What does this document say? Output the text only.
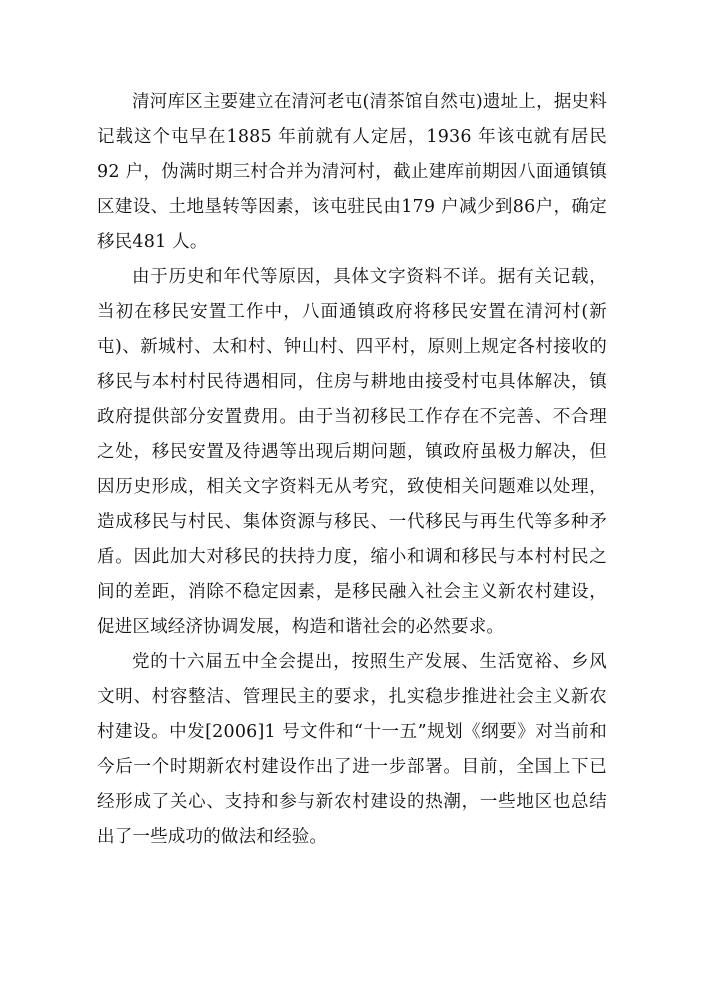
清河库区主要建立在清河老屯(清茶馆自然屯)遗址上，据史料记载这个屯早在1885 年前就有人定居，1936 年该屯就有居民92 户，伪满时期三村合并为清河村，截止建库前期因八面通镇镇区建设、土地垦转等因素，该屯驻民由179 户减少到86户，确定移民481 人。

由于历史和年代等原因，具体文字资料不详。据有关记载，当初在移民安置工作中，八面通镇政府将移民安置在清河村(新屯)、新城村、太和村、钟山村、四平村，原则上规定各村接收的移民与本村村民待遇相同，住房与耕地由接受村屯具体解决，镇政府提供部分安置费用。由于当初移民工作存在不完善、不合理之处，移民安置及待遇等出现后期问题，镇政府虽极力解决，但因历史形成，相关文字资料无从考究，致使相关问题难以处理，造成移民与村民、集体资源与移民、一代移民与再生代等多种矛盾。因此加大对移民的扶持力度，缩小和调和移民与本村村民之间的差距，消除不稳定因素，是移民融入社会主义新农村建设，促进区域经济协调发展，构造和谐社会的必然要求。

党的十六届五中全会提出，按照生产发展、生活宽裕、乡风文明、村容整洁、管理民主的要求，扎实稳步推进社会主义新农村建设。中发[2006]1 号文件和“十一五”规划《纲要》对当前和今后一个时期新农村建设作出了进一步部署。目前，全国上下已经形成了关心、支持和参与新农村建设的热潮，一些地区也总结出了一些成功的做法和经验。
